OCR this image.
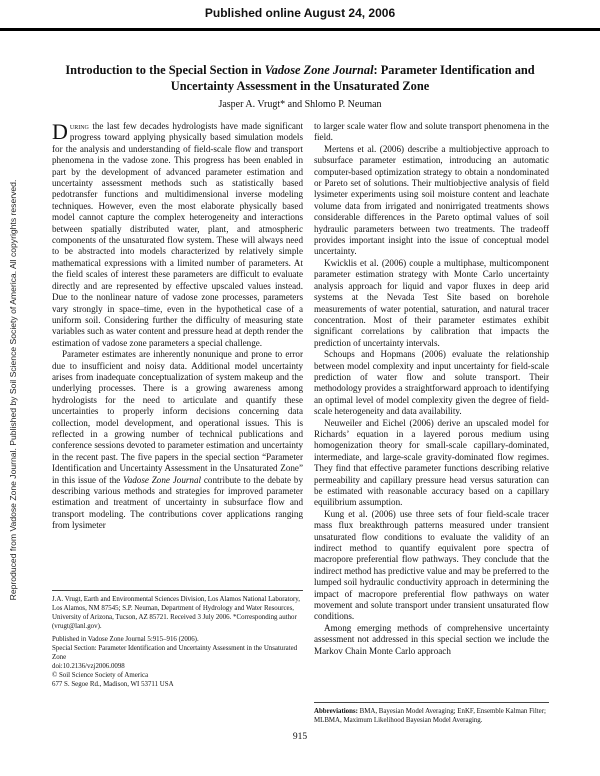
Published online August 24, 2006
Reproduced from Vadose Zone Journal. Published by Soil Science Society of America. All copyrights reserved.
Introduction to the Special Section in Vadose Zone Journal: Parameter Identification and Uncertainty Assessment in the Unsaturated Zone
Jasper A. Vrugt* and Shlomo P. Neuman

During the last few decades hydrologists have made significant progress toward applying physically based simulation models for the analysis and understanding of field-scale flow and transport phenomena in the vadose zone. This progress has been enabled in part by the development of advanced parameter estimation and uncertainty assessment methods such as statistically based pedotransfer functions and multidimensional inverse modeling techniques. However, even the most elaborate physically based model cannot capture the complex heterogeneity and interactions between spatially distributed water, plant, and atmospheric components of the unsaturated flow system. These will always need to be abstracted into models characterized by relatively simple mathematical expressions with a limited number of parameters. At the field scales of interest these parameters are difficult to evaluate directly and are represented by effective upscaled values instead. Due to the nonlinear nature of vadose zone processes, parameters vary strongly in space–time, even in the hypothetical case of a uniform soil. Considering further the difficulty of measuring state variables such as water content and pressure head at depth render the estimation of vadose zone parameters a special challenge.

Parameter estimates are inherently nonunique and prone to error due to insufficient and noisy data. Additional model uncertainty arises from inadequate conceptualization of system makeup and the underlying processes. There is a growing awareness among hydrologists for the need to articulate and quantify these uncertainties to properly inform decisions concerning data collection, model development, and operational issues. This is reflected in a growing number of technical publications and conference sessions devoted to parameter estimation and uncertainty in the recent past. The five papers in the special section “Parameter Identification and Uncertainty Assessment in the Unsaturated Zone” in this issue of the Vadose Zone Journal contribute to the debate by describing various methods and strategies for improved parameter estimation and treatment of uncertainty in subsurface flow and transport modeling. The contributions cover applications ranging from lysimeter

J.A. Vrugt, Earth and Environmental Sciences Division, Los Alamos National Laboratory, Los Alamos, NM 87545; S.P. Neuman, Department of Hydrology and Water Resources, University of Arizona, Tucson, AZ 85721. Received 3 July 2006. *Corresponding author (vrugt@lanl.gov).

Published in Vadose Zone Journal 5:915–916 (2006).
Special Section: Parameter Identification and Uncertainty Assessment in the Unsaturated Zone
doi:10.2136/vzj2006.0098
© Soil Science Society of America
677 S. Segoe Rd., Madison, WI 53711 USA

to larger scale water flow and solute transport phenomena in the field.

Mertens et al. (2006) describe a multiobjective approach to subsurface parameter estimation, introducing an automatic computer-based optimization strategy to obtain a nondominated or Pareto set of solutions. Their multiobjective analysis of field lysimeter experiments using soil moisture content and leachate volume data from irrigated and nonirrigated treatments shows considerable differences in the Pareto optimal values of soil hydraulic parameters between two treatments. The tradeoff provides important insight into the issue of conceptual model uncertainty.

Kwicklis et al. (2006) couple a multiphase, multicomponent parameter estimation strategy with Monte Carlo uncertainty analysis approach for liquid and vapor fluxes in deep arid systems at the Nevada Test Site based on borehole measurements of water potential, saturation, and natural tracer concentration. Most of their parameter estimates exhibit significant correlations by calibration that impacts the prediction of uncertainty intervals.

Schoups and Hopmans (2006) evaluate the relationship between model complexity and input uncertainty for field-scale prediction of water flow and solute transport. Their methodology provides a straightforward approach to identifying an optimal level of model complexity given the degree of field-scale heterogeneity and data availability.

Neuweiler and Eichel (2006) derive an upscaled model for Richards’ equation in a layered porous medium using homogenization theory for small-scale capillary-dominated, intermediate, and large-scale gravity-dominated flow regimes. They find that effective parameter functions describing relative permeability and capillary pressure head versus saturation can be estimated with reasonable accuracy based on a capillary equilibrium assumption.

Kung et al. (2006) use three sets of four field-scale tracer mass flux breakthrough patterns measured under transient unsaturated flow conditions to evaluate the validity of an indirect method to quantify equivalent pore spectra of macropore preferential flow pathways. They conclude that the indirect method has predictive value and may be preferred to the lumped soil hydraulic conductivity approach in determining the impact of macropore preferential flow pathways on water movement and solute transport under transient unsaturated flow conditions.

Among emerging methods of comprehensive uncertainty assessment not addressed in this special section we include the Markov Chain Monte Carlo approach

Abbreviations: BMA, Bayesian Model Averaging; EnKF, Ensemble Kalman Filter; MLBMA, Maximum Likelihood Bayesian Model Averaging.
915
